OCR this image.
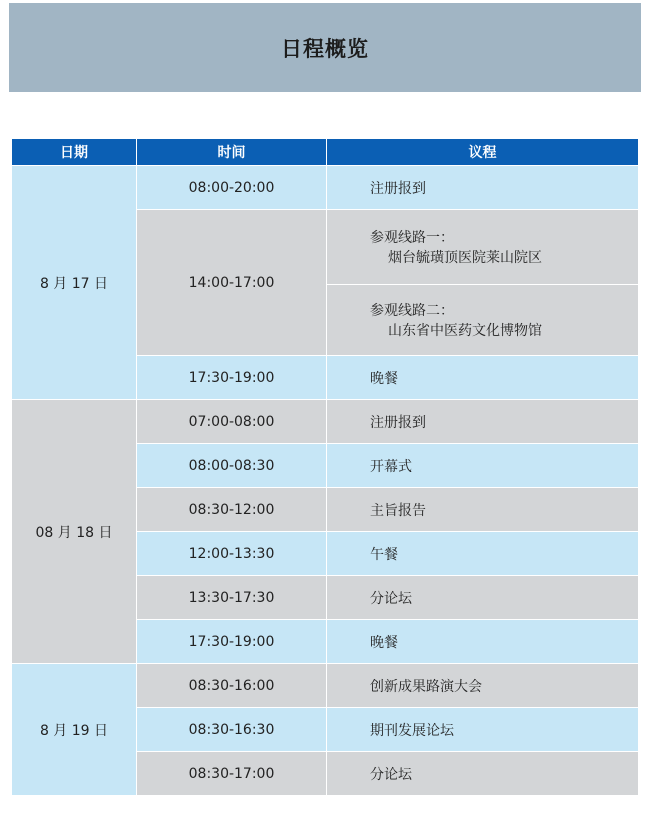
日程概览
日期	时间	议程
8 月 17 日	08:00-20:00	注册报到
	14:00-17:00	参观线路一：
烟台毓璜顶医院莱山院区

		参观线路二：
山东省中医药文化博物馆

	17:30-19:00	晚餐
08 月 18 日	07:00-08:00	注册报到
	08:00-08:30	开幕式
	08:30-12:00	主旨报告
	12:00-13:30	午餐
	13:30-17:30	分论坛
	17:30-19:00	晚餐
8 月 19 日	08:30-16:00	创新成果路演大会
	08:30-16:30	期刊发展论坛
	08:30-17:00	分论坛
